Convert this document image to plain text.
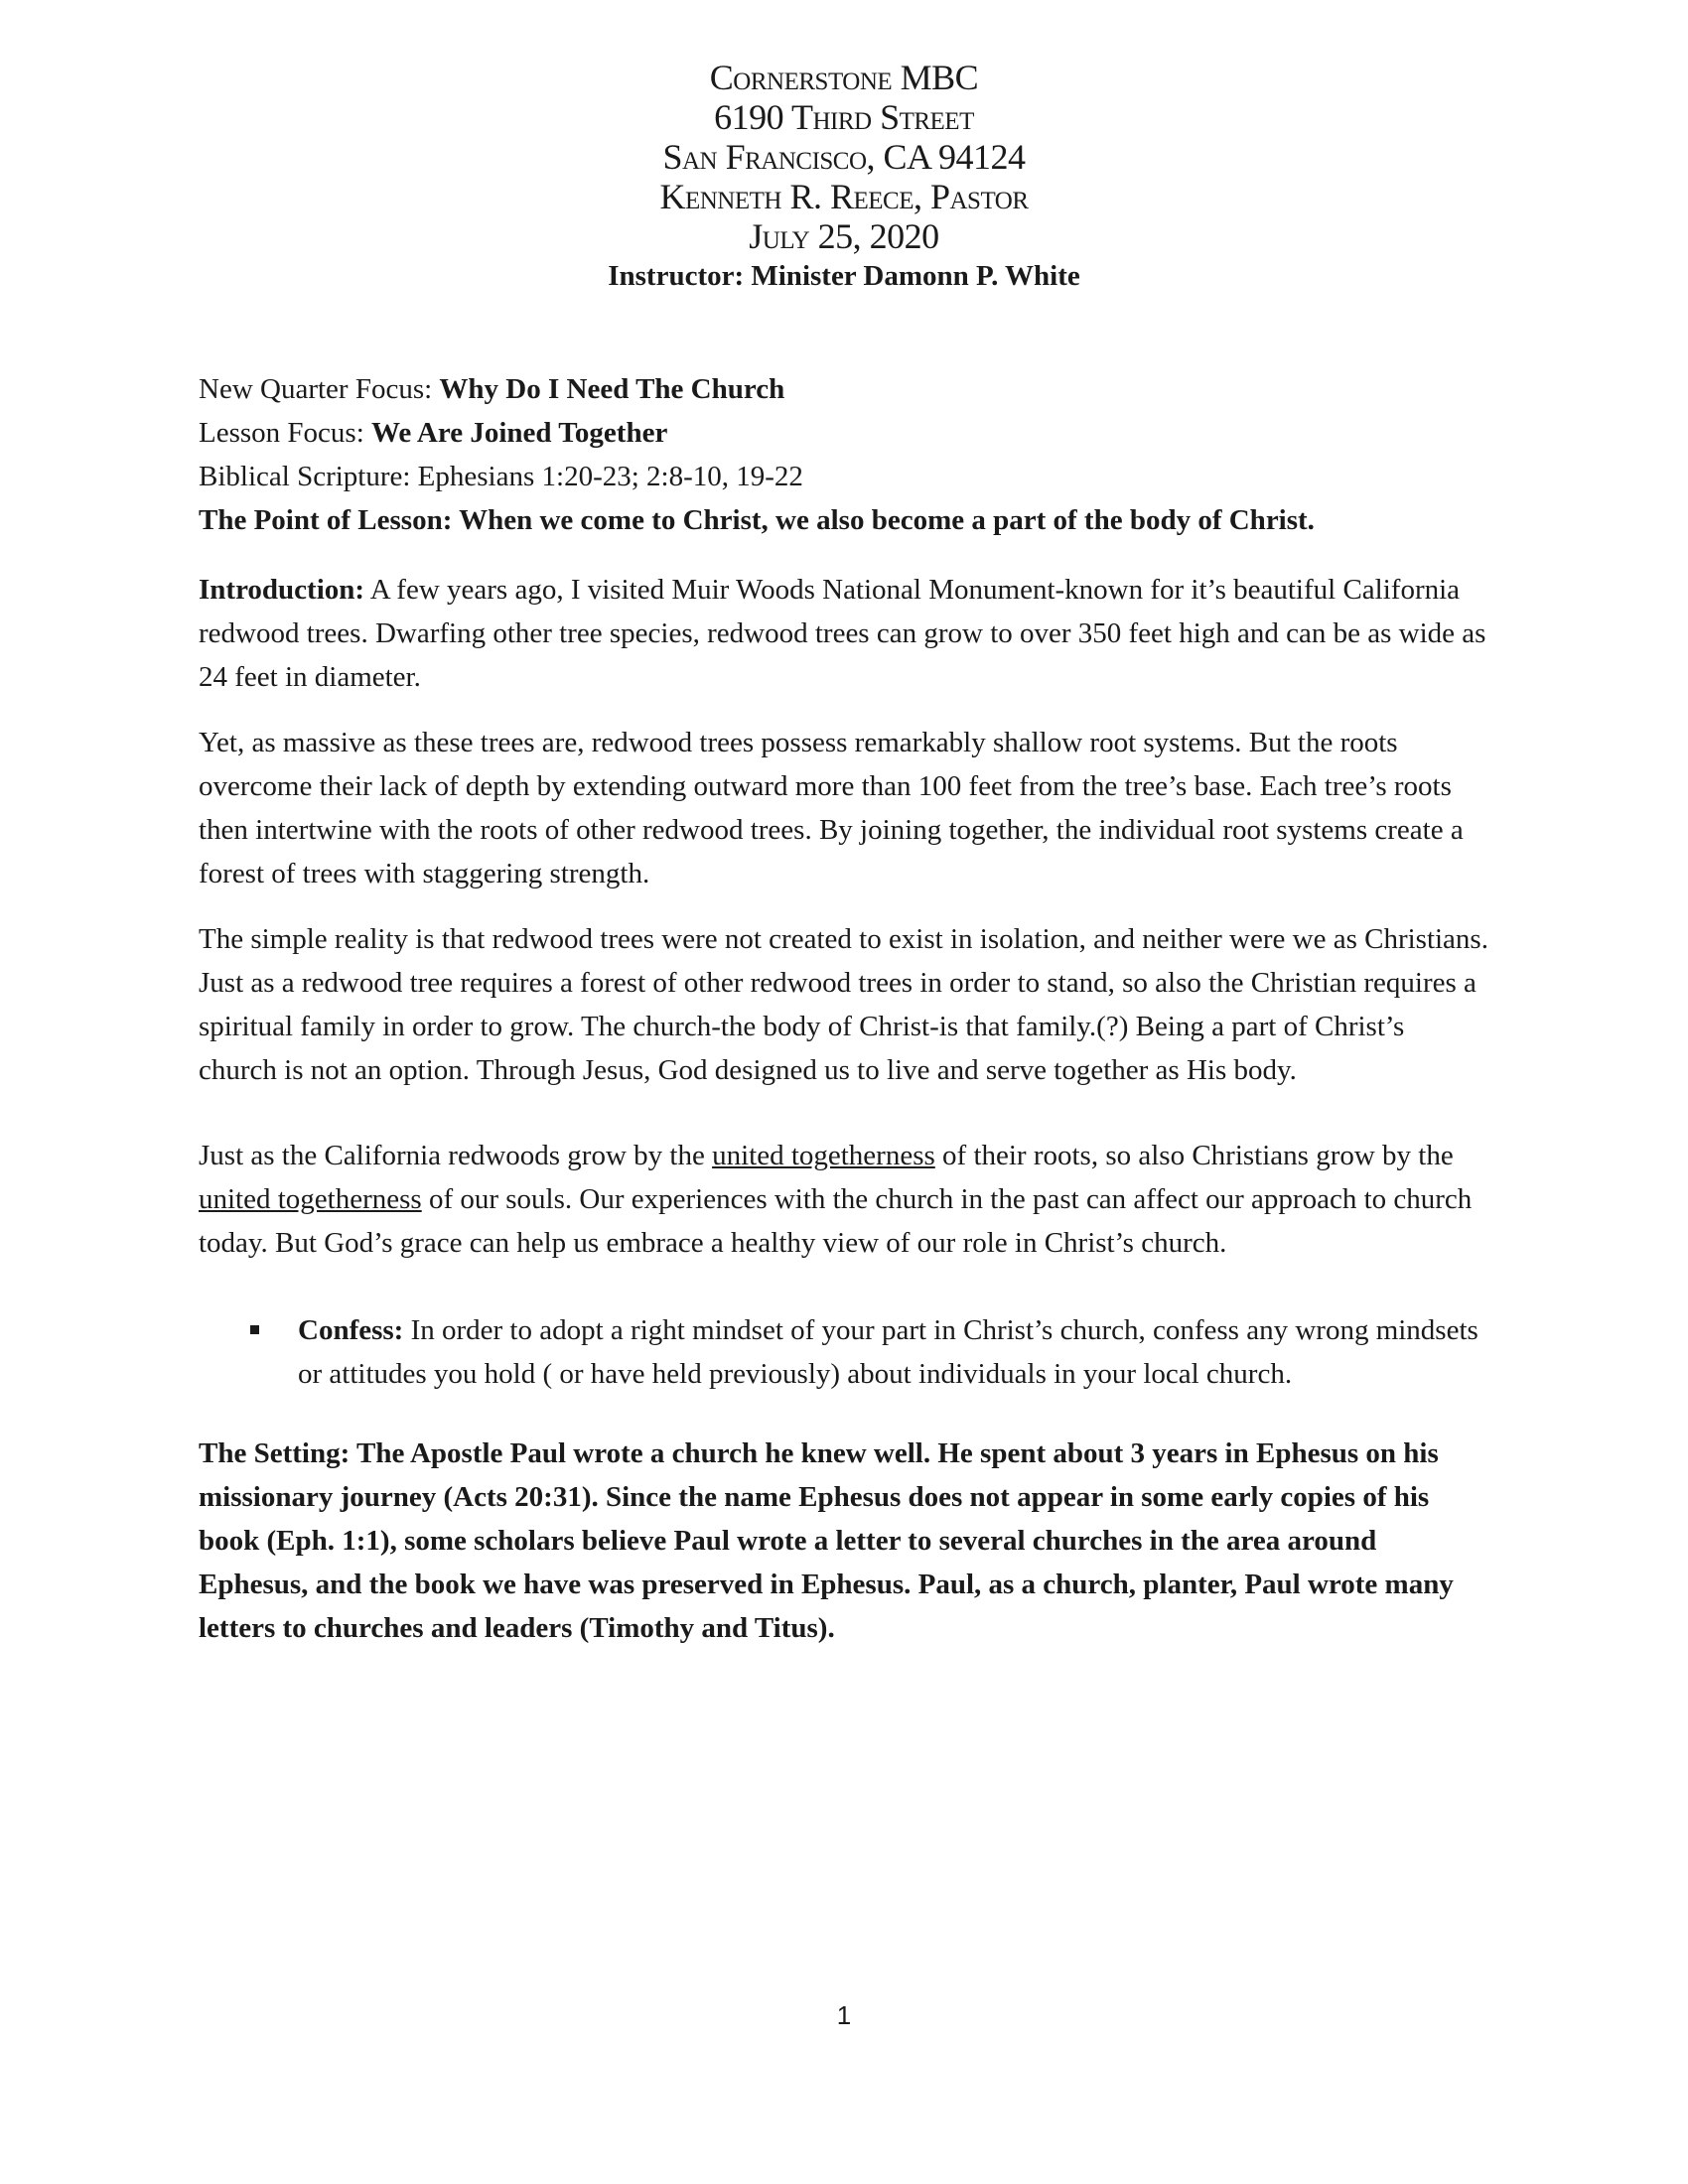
Cornerstone MBC
6190 Third Street
San Francisco, CA 94124
Kenneth R. Reece, Pastor
July 25, 2020
Instructor: Minister Damonn P. White

New Quarter Focus: Why Do I Need The Church

Lesson Focus: We Are Joined Together

Biblical Scripture: Ephesians 1:20-23; 2:8-10, 19-22

The Point of Lesson: When we come to Christ, we also become a part of the body of Christ.

Introduction: A few years ago, I visited Muir Woods National Monument-known for it’s beautiful California redwood trees. Dwarfing other tree species, redwood trees can grow to over 350 feet high and can be as wide as 24 feet in diameter.

Yet, as massive as these trees are, redwood trees possess remarkably shallow root systems. But the roots overcome their lack of depth by extending outward more than 100 feet from the tree’s base. Each tree’s roots then intertwine with the roots of other redwood trees. By joining together, the individual root systems create a forest of trees with staggering strength.

The simple reality is that redwood trees were not created to exist in isolation, and neither were we as Christians. Just as a redwood tree requires a forest of other redwood trees in order to stand, so also the Christian requires a spiritual family in order to grow. The church-the body of Christ-is that family.(?) Being a part of Christ’s church is not an option. Through Jesus, God designed us to live and serve together as His body.

Just as the California redwoods grow by the united togetherness of their roots, so also Christians grow by the united togetherness of our souls. Our experiences with the church in the past can affect our approach to church today. But God’s grace can help us embrace a healthy view of our role in Christ’s church.

Confess: In order to adopt a right mindset of your part in Christ’s church, confess any wrong mindsets or attitudes you hold ( or have held previously) about individuals in your local church.

The Setting: The Apostle Paul wrote a church he knew well. He spent about 3 years in Ephesus on his missionary journey (Acts 20:31). Since the name Ephesus does not appear in some early copies of his book (Eph. 1:1), some scholars believe Paul wrote a letter to several churches in the area around Ephesus, and the book we have was preserved in Ephesus. Paul, as a church, planter, Paul wrote many letters to churches and leaders (Timothy and Titus).

1
